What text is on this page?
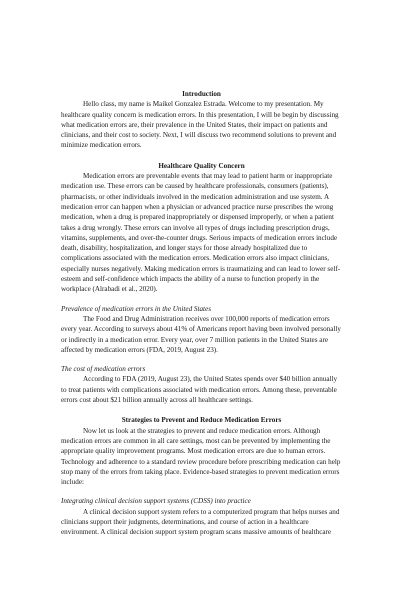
Introduction

Hello class, my name is Maikel Gonzalez Estrada. Welcome to my presentation. My healthcare quality concern is medication errors. In this presentation, I will be begin by discussing what medication errors are, their prevalence in the United States, their impact on patients and clinicians, and their cost to society. Next, I will discuss two recommend solutions to prevent and minimize medication errors.

Healthcare Quality Concern

Medication errors are preventable events that may lead to patient harm or inappropriate medication use. These errors can be caused by healthcare professionals, consumers (patients), pharmacists, or other individuals involved in the medication administration and use system. A medication error can happen when a physician or advanced practice nurse prescribes the wrong medication, when a drug is prepared inappropriately or dispensed improperly, or when a patient takes a drug wrongly. These errors can involve all types of drugs including prescription drugs, vitamins, supplements, and over-the-counter drugs. Serious impacts of medication errors include death, disability, hospitalization, and longer stays for those already hospitalized due to complications associated with the medication errors. Medication errors also impact clinicians, especially nurses negatively. Making medication errors is traumatizing and can lead to lower self-esteem and self-confidence which impacts the ability of a nurse to function properly in the workplace (Alrabadi et al., 2020).

Prevalence of medication errors in the United States

The Food and Drug Administration receives over 100,000 reports of medication errors every year. According to surveys about 41% of Americans report having been involved personally or indirectly in a medication error. Every year, over 7 million patients in the United States are affected by medication errors (FDA, 2019, August 23).

The cost of medication errors

According to FDA (2019, August 23), the United States spends over $40 billion annually to treat patients with complications associated with medication errors. Among these, preventable errors cost about $21 billion annually across all healthcare settings.

Strategies to Prevent and Reduce Medication Errors

Now let us look at the strategies to prevent and reduce medication errors. Although medication errors are common in all care settings, most can be prevented by implementing the appropriate quality improvement programs. Most medication errors are due to human errors. Technology and adherence to a standard review procedure before prescribing medication can help stop many of the errors from taking place. Evidence-based strategies to prevent medication errors include:

Integrating clinical decision support systems (CDSS) into practice

A clinical decision support system refers to a computerized program that helps nurses and clinicians support their judgments, determinations, and course of action in a healthcare environment. A clinical decision support system program scans massive amounts of healthcare
